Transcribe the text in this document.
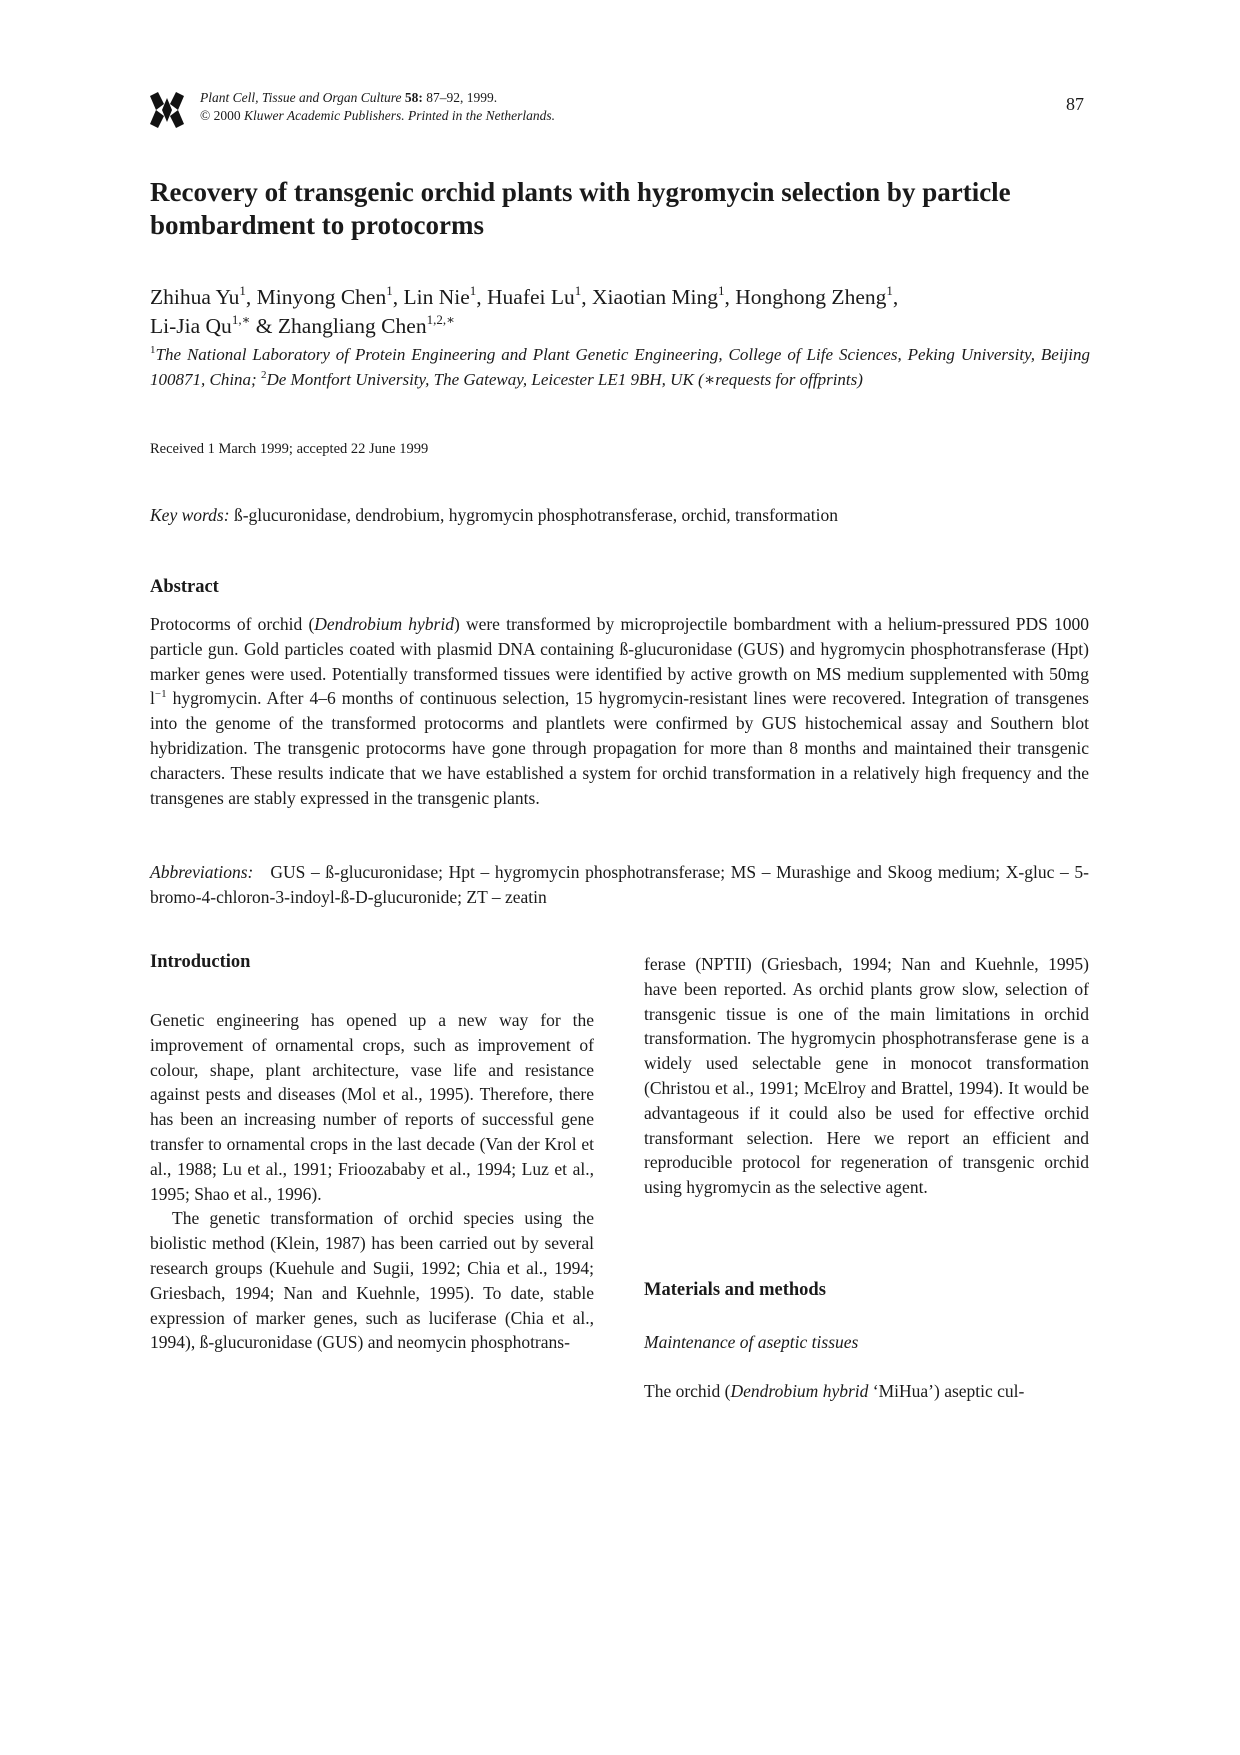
Plant Cell, Tissue and Organ Culture 58: 87–92, 1999.
© 2000 Kluwer Academic Publishers. Printed in the Netherlands.
87
Recovery of transgenic orchid plants with hygromycin selection by particle bombardment to protocorms
Zhihua Yu$^1$, Minyong Chen$^1$, Lin Nie$^1$, Huafei Lu$^1$, Xiaotian Ming$^1$, Honghong Zheng$^1$,
Li-Jia $Qu^{1,∗}$ & Zhangliang Chen$^{1,2,∗}$
$^1$The National Laboratory of Protein Engineering and Plant Genetic Engineering, College of Life Sciences, Peking University, Beijing 100871, China; $^2$De Montfort University, The Gateway, Leicester LE1 9BH, UK (∗requests for offprints)
Received 1 March 1999; accepted 22 June 1999
Key words: ß-glucuronidase, dendrobium, hygromycin phosphotransferase, orchid, transformation
Abstract
Protocorms of orchid (Dendrobium hybrid) were transformed by microprojectile bombardment with a helium-pressured PDS 1000 particle gun. Gold particles coated with plasmid DNA containing ß-glucuronidase (GUS) and hygromycin phosphotransferase (Hpt) marker genes were used. Potentially transformed tissues were identified by active growth on MS medium supplemented with 50mg $l^{-1}$ hygromycin. After 4–6 months of continuous selection, 15 hygromycin-resistant lines were recovered. Integration of transgenes into the genome of the transformed protocorms and plantlets were confirmed by GUS histochemical assay and Southern blot hybridization. The transgenic protocorms have gone through propagation for more than 8 months and maintained their transgenic characters. These results indicate that we have established a system for orchid transformation in a relatively high frequency and the transgenes are stably expressed in the transgenic plants.
Abbreviations: GUS – ß-glucuronidase; Hpt – hygromycin phosphotransferase; MS – Murashige and Skoog medium; X-gluc – 5-bromo-4-chloron-3-indoyl-ß-D-glucuronide; ZT – zeatin
Introduction

Genetic engineering has opened up a new way for the improvement of ornamental crops, such as improvement of colour, shape, plant architecture, vase life and resistance against pests and diseases (Mol et al., 1995). Therefore, there has been an increasing number of reports of successful gene transfer to ornamental crops in the last decade (Van der Krol et al., 1988; Lu et al., 1991; Frioozababy et al., 1994; Luz et al., 1995; Shao et al., 1996).

The genetic transformation of orchid species using the biolistic method (Klein, 1987) has been carried out by several research groups (Kuehule and Sugii, 1992; Chia et al., 1994; Griesbach, 1994; Nan and Kuehnle, 1995). To date, stable expression of marker genes, such as luciferase (Chia et al., 1994), ß-glucuronidase (GUS) and neomycin phosphotrans-

ferase (NPTII) (Griesbach, 1994; Nan and Kuehnle, 1995) have been reported. As orchid plants grow slow, selection of transgenic tissue is one of the main limitations in orchid transformation. The hygromycin phosphotransferase gene is a widely used selectable gene in monocot transformation (Christou et al., 1991; McElroy and Brattel, 1994). It would be advantageous if it could also be used for effective orchid transformant selection. Here we report an efficient and reproducible protocol for regeneration of transgenic orchid using hygromycin as the selective agent.
Materials and methods
Maintenance of aseptic tissues
The orchid (Dendrobium hybrid ‘MiHua’) aseptic cul-
